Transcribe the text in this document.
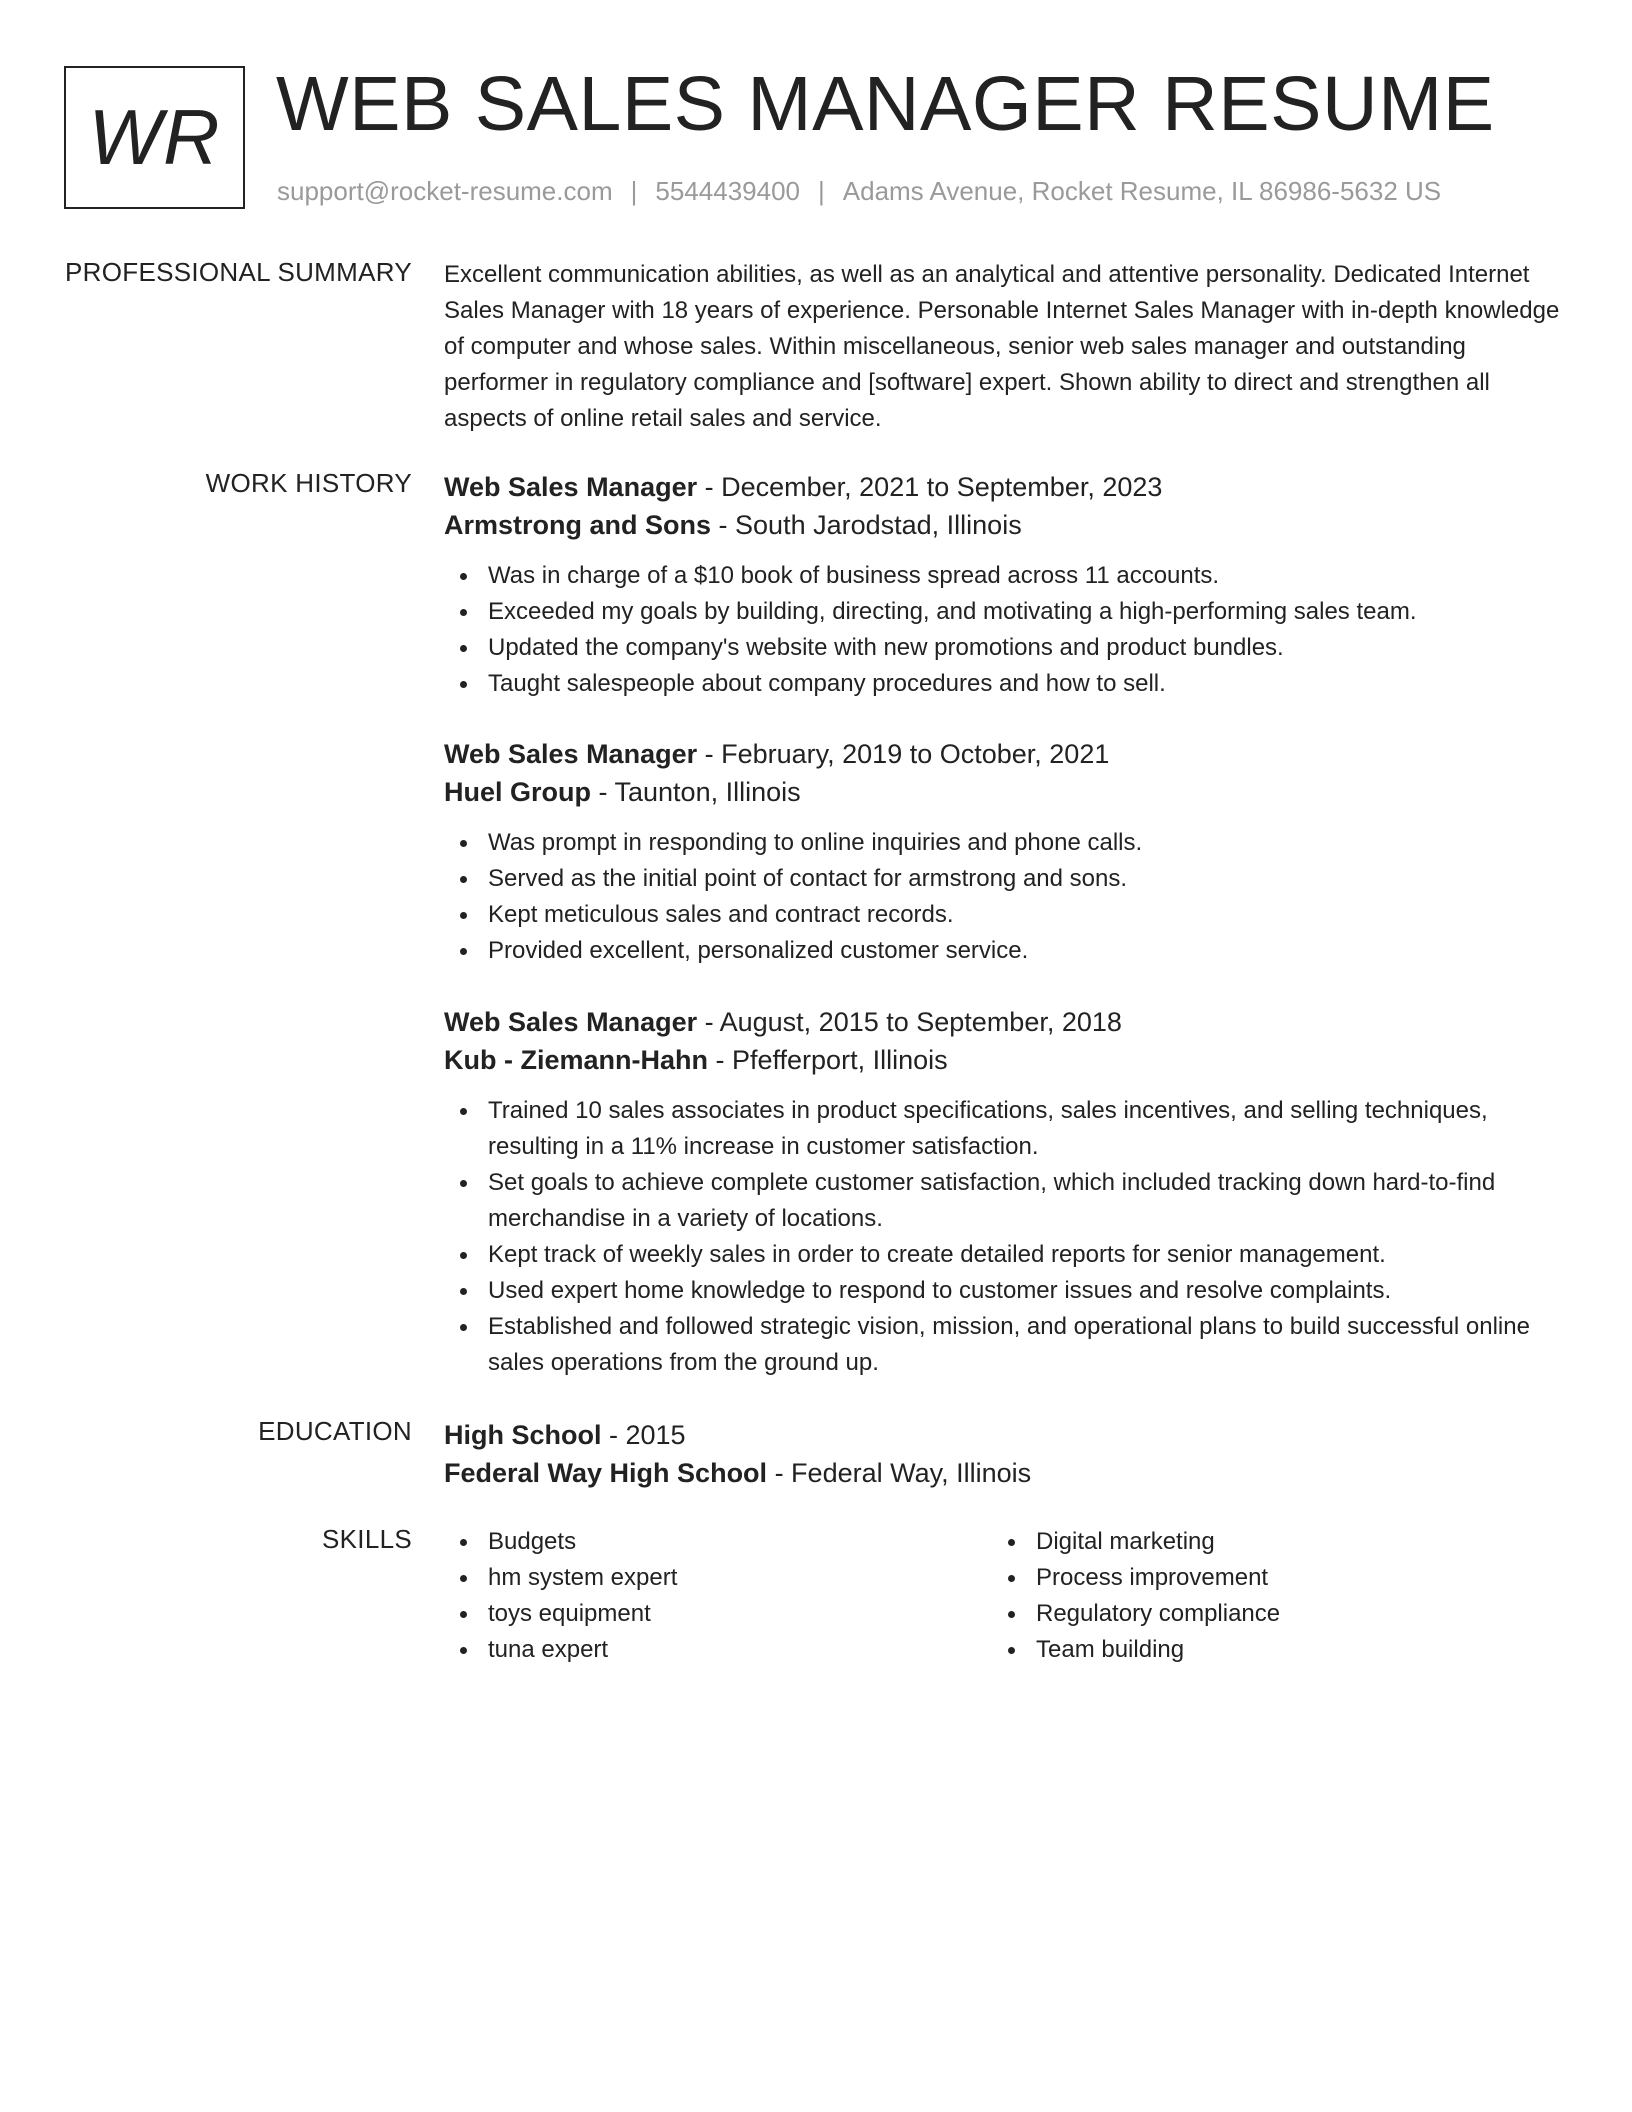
WR WEB SALES MANAGER RESUME
support@rocket-resume.com | 5544439400 | Adams Avenue, Rocket Resume, IL 86986-5632 US
PROFESSIONAL SUMMARY Excellent communication abilities, as well as an analytical and attentive personality. Dedicated Internet Sales Manager with 18 years of experience. Personable Internet Sales Manager with in-depth knowledge of computer and whose sales. Within miscellaneous, senior web sales manager and outstanding performer in regulatory compliance and [software] expert. Shown ability to direct and strengthen all aspects of online retail sales and service.
WORK HISTORY Web Sales Manager - December, 2021 to September, 2023
Armstrong and Sons - South Jarodstad, Illinois
Was in charge of a $10 book of business spread across 11 accounts.
Exceeded my goals by building, directing, and motivating a high-performing sales team.
Updated the company's website with new promotions and product bundles.
Taught salespeople about company procedures and how to sell.
Web Sales Manager - February, 2019 to October, 2021
Huel Group - Taunton, Illinois
Was prompt in responding to online inquiries and phone calls.
Served as the initial point of contact for armstrong and sons.
Kept meticulous sales and contract records.
Provided excellent, personalized customer service.
Web Sales Manager - August, 2015 to September, 2018
Kub - Ziemann-Hahn - Pfefferport, Illinois
Trained 10 sales associates in product specifications, sales incentives, and selling techniques, resulting in a 11% increase in customer satisfaction.
Set goals to achieve complete customer satisfaction, which included tracking down hard-to-find merchandise in a variety of locations.
Kept track of weekly sales in order to create detailed reports for senior management.
Used expert home knowledge to respond to customer issues and resolve complaints.
Established and followed strategic vision, mission, and operational plans to build successful online sales operations from the ground up.
EDUCATION High School - 2015
Federal Way High School - Federal Way, Illinois
SKILLS	Budgets
hm system expert
toys equipment
tuna expert
Digital marketing
Process improvement
Regulatory compliance
Team building
